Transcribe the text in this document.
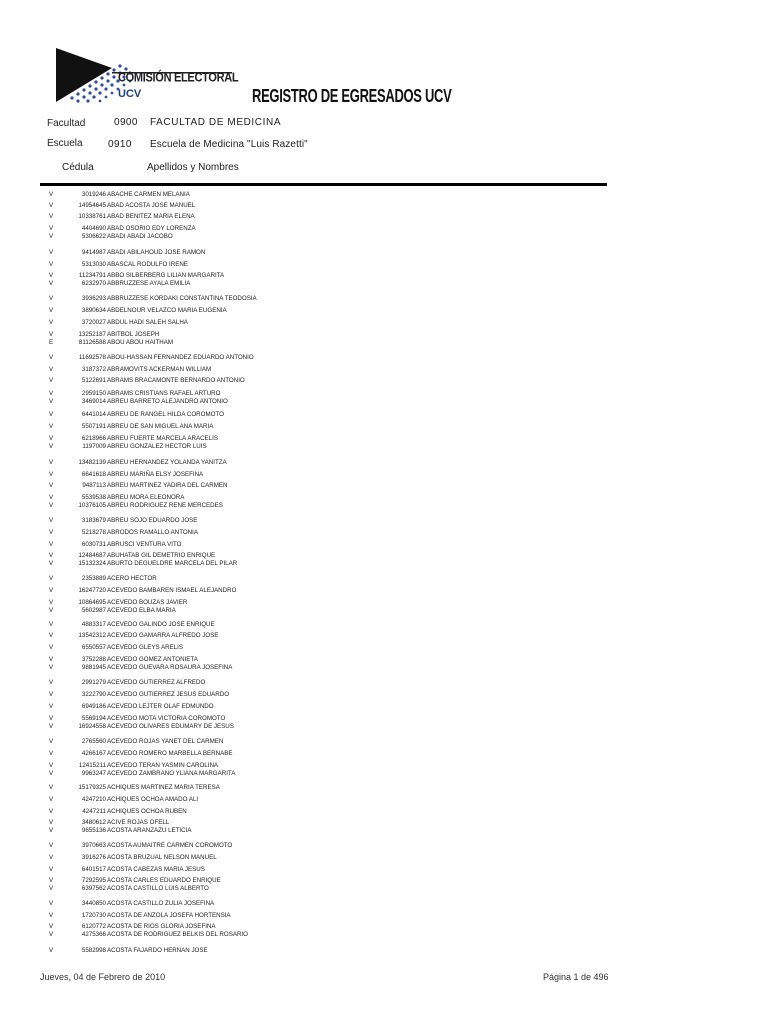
COMISIÓN ELECTORAL
UCV	REGISTRO DE EGRESADOS UCV
Facultad	0900 FACULTAD DE MEDICINA
Escuela	0910 Escuela de Medicina "Luis Razetti"
Cédula	Apellidos y Nombres
V	3019246 ABACHE CARMEN MELANIA
V	14954645 ABAD ACOSTA JOSE MANUEL
V	10338761 ABAD BENITEZ MARIA ELENA
V	4404690 ABAD OSORIO EDY LORENZA
V	5306622 ABADI ABADI JACOBO
V	9414987 ABADI ABILAHOUD JOSE RAMON
V	5313030 ABASCAL RODULFO IRENE
V	11234791 ABBO SILBERBERG LILIAN MARGARITA
V	6232970 ABBRUZZESE AYALA EMILIA
V	3936293 ABBRUZZESE KORDAKI CONSTANTINA TEODOSIA
V	3890634 ABDELNOUR VELAZCO MARIA EUGENIA
V	3720027 ABDUL HADI SALEH SALHA
V	13252187 ABITBOL JOSEPH
E	81126588 ABOU ABOU HAITHAM
V	11692578 ABOU-HASSAN FERNANDEZ EDUARDO ANTONIO
V	3187372 ABRAMOVITS ACKERMAN WILLIAM
V	5122691 ABRAMS BRACAMONTE BERNARDO ANTONIO
V	2959150 ABRAMS CRISTIANS RAFAEL ARTURO
V	3469014 ABREU BARRETO ALEJANDRO ANTONIO
V	6441014 ABREU DE RANGEL HILDA COROMOTO
V	5507191 ABREU DE SAN MIGUEL ANA MARIA
V	6218966 ABREU FUERTE MARCELA ARACELIS
V	1197009 ABREU GONZALEZ HECTOR LUIS
V	13482139 ABREU HERNANDEZ YOLANDA YANITZA
V	6641618 ABREU MARIÑA ELSY JOSEFINA
V	9487113 ABREU MARTINEZ YADIRA DEL CARMEN
V	5539538 ABREU MORA ELEONORA
V	10376105 ABREU RODRIGUEZ RENE MERCEDES
V	3183679 ABREU SOJO EDUARDO JOSE
V	5218278 ABRODOS RAMALLO ANTONIA
V	6030731 ABRUSCI VENTURA VITO
V	12484687 ABUHATAB GIL DEMETRIO ENRIQUE
V	15132324 ABURTO DEGUELDRE MARCELA DEL PILAR
V	2353889 ACERO HECTOR
V	16247720 ACEVEDO BAMBAREN ISMAEL ALEJANDRO
V	10864695 ACEVEDO BOUZAS JAVIER
V	5602987 ACEVEDO ELBA MARIA
V	4883317 ACEVEDO GALINDO JOSE ENRIQUE
V	13542312 ACEVEDO GAMARRA ALFREDO JOSE
V	6550557 ACEVEDO GLEYS ARELIS
V	3752288 ACEVEDO GOMEZ ANTONIETA
V	9881945 ACEVEDO GUEVARA ROSAURA JOSEFINA
V	2991279 ACEVEDO GUTIERREZ ALFREDO
V	3222790 ACEVEDO GUTIERREZ JESUS EDUARDO
V	6949186 ACEVEDO LEJTER OLAF EDMUNDO
V	5569194 ACEVEDO MOTA VICTORIA COROMOTO
V	16924558 ACEVEDO OLIVARES EDUMARY DE JESUS
V	2765560 ACEVEDO ROJAS YANET DEL CARMEN
V	4266167 ACEVEDO ROMERO MARBELLA BERNABE
V	12415211 ACEVEDO TERAN YASMIN CAROLINA
V	9963247 ACEVEDO ZAMBRANO YLIANA MARGARITA
V	15179325 ACHIQUES MARTINEZ MARIA TERESA
V	4247210 ACHIQUES OCHOA AMADO ALI
V	4247211 ACHIQUES OCHOA RUBEN
V	3480612 ACIVE ROJAS OFELL
V	9655136 ACOSTA ARANZAZU LETICIA
V	3970663 ACOSTA AUMAITRE CARMEN COROMOTO
V	3916276 ACOSTA BRUZUAL NELSON MANUEL
V	6401517 ACOSTA CABEZAS MARIA JESUS
V	7292595 ACOSTA CARLES EDUARDO ENRIQUE
V	6397562 ACOSTA CASTILLO LUIS ALBERTO
V	3440850 ACOSTA CASTILLO ZULIA JOSEFINA
V	1720730 ACOSTA DE ANZOLA JOSEFA HORTENSIA
V	6120772 ACOSTA DE RIOS GLORIA JOSEFINA
V	4275366 ACOSTA DE RODRIGUEZ BELKIS DEL ROSARIO
V	5582998 ACOSTA FAJARDO HERNAN JOSE
Jueves, 04 de Febrero de 2010	Página 1 de 496
